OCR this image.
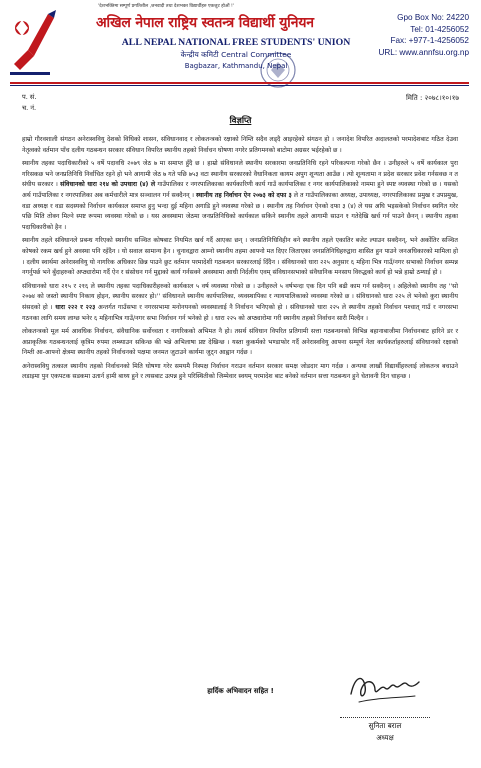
'देशभक्तिमा सम्पूर्ण प्रगतिशील ,जनवादी तथा देशभक्त विद्यार्थीहरु एकजुट होऔं !'
अखिल नेपाल राष्ट्रिय स्वतन्त्र विद्यार्थी युनियन
ALL NEPAL NATIONAL FREE STUDENTS' UNION
केन्द्रीय कमिटी Central Committee
Bagbazar, Kathmandu, Nepal
Gpo Box No: 24220
Tel: 01-4256052
Fax: +977-1-4256052
URL: www.annfsu.org.np
प. सं.
च. नं.
मिति : २०७८।१०।१७
विज्ञप्ति

हाम्रो गौरवशाली संगठन अनेरास्ववियु देशको विधिको शासन, संविधानवाद र लोकतन्त्रको रक्षाको निम्ति सदैव लड्दै आइरहेको संगठन हो । जनादेश विपरित अदालतको परमादेशबाट गठित देउवा नेतृत्वको वर्तमान पाँच दलीय गठबन्धन सरकार संविधान विपरित स्थानीय तहको निर्वाचन घोषणा नगरेर प्रतिगमनको बाटोमा अग्रसर भईरहेको छ ।

स्थानीय तहका पदाधिकारीको ५ वर्षे पदावधि २०७९ जेठ ७ मा समाप्त हुँदै छ । हाम्रो संविधानले स्थानीय सरकारमा जनप्रतिनिधि रहने परिकल्पना गरेको छैन । उनीहरुले ५ वर्षे कार्यकाल पुरा गरिसकछ भने जनप्रतिनिधि निर्वाचित रहने हो भने आगामी जेठ ७ गते पछि ७५३ वटा स्थानीय सरकारको वैधानिकता कायम अपुग शून्यता आउँछ । त्यो शून्यतामा न प्रदेश सरकार प्रवेश गर्नसक्छ न त संघीय सरकार । संविधानको धारा २१४ को उपधारा (४) ले गाउँपालिका र नगरपालिकाका कार्यकारिणी कार्य गाउँ कार्यपालिका र नगर कार्यपालिकाको नाममा हुने स्पष्ट व्यवस्था गरेको छ । यसको अर्थ गाउँपालिका र नगरपालिका अब कर्मचारीले मात्र सञ्चालन गर्न सक्दैनन् । स्थानीय तह निर्वाचन ऐन २०७३ को दफा ३ ले त गाउँपालिकाका अध्यक्ष, उपाध्यक्ष, नगरपालिकाका प्रमुख र उपप्रमुख, वडा अध्यक्ष र वडा सदस्यको निर्वाचन कार्यकाल समाप्त हुनु भन्दा दुई महिना अगाडि हुने व्यवस्था गरेको छ । स्थानीय तह निर्वाचन ऐनको दफा ३ (४) ले यस अघि भइसकेको निर्वाचन स्थगित गरेर पछि मिति तोक्न मिल्ने स्पष्ट रूपमा व्यवस्था गरेको छ । यस अवस्थामा जेठमा जनप्रतिनिधिको कार्यकाल सकिने स्थानीय तहले आगामी साउन १ गतेदेखि खर्च गर्न पाउने छैनन् । स्थानीय तहका पदाधिकारीको हैन ।

स्थानीय तहले संविधानले प्रबन्ध गरिएको स्थानीय सञ्चित कोषबाट नियमित खर्च गर्दै आएका छन् । जनप्रतिनिधिविहीन बने स्थानीय तहले एकातिर बजेट ल्याउन सक्दैनन्, भने अर्कोतिर सञ्चित कोषको रकम खर्च हुने अवस्था पनि रहँदैन । यो सवाल सामान्य हैन । चुनावद्वारा आम्नो स्थानीय तहमा आफ्नो मत दिएर जिताएका जनप्रतिनिधिहरुद्वारा शासित हुन पाउने जनअधिकारको मामिला हो । दलीय स्वार्थमा अनेरास्ववियु यो नागरिक अधिकार छिन्न पाउने छुट वर्तमान परमादेशी गठबन्धन सरकारलाई दिँदैन । संविधानको धारा २२५ अनुसार ६ महिना भित्र गाउँ/नगर सभाको निर्वाचन सम्पन्न नगर्नुपर्छ भने बुँदाहरुको अप्ठ्यारोमा गर्दै ऐन र संसोधन गर्न मुद्दाको कार्य गर्नसक्ने अवस्थामा आधी निर्दलीय एवम् संविधानसभाको संवैधानिक मनसाय विरुद्धको कार्य हो भन्ने हाम्रो ठम्याई हो ।

संविधानको धारा २१५ र २१६ ले स्थानीय तहका पदाधिकारीहरुको कार्यकाल ५ वर्ष व्यवस्था गरेको छ । उनीहरुले ५ वर्षभन्दा एक दिन पनि बढी काम गर्न सक्दैनन् । अहिलेको स्थानीय तह ''सो २०७४ को जस्तो स्थानीय निकाय होइन, स्थानीय सरकार हो।'' संविधानले स्थानीय कार्यपालिका, व्यवस्थापिका र न्यायपालिकाको व्यवस्था गरेको छ । संविधानको धारा २२५ ले भनेको कुरा स्थानीय संसदको हो । धारा २२२ र २२३ अन्तर्गत गाउँसभा र नगरसभामा मनोनयनको व्यवस्थालाई नै निर्वाचन भनिएको हो । संविधानको धारा २२५ ले स्थानीय तहको निर्वाचन पश्चात् गाउँ र नगरसभा गठनका लागि समय लाग्छ भनेर ६ महिनाभित्र गाउँ/नगर सभा निर्वाचन गर्न भनेको हो । धारा २२५ को अप्ठ्यारोमा गरी स्थानीय तहको निर्वाचन सारी मिल्दैन ।

लोकतन्त्रको मूल मर्म आवधिक निर्वाचन, संवैधानिक सर्वोच्चता र नागरिकको अभिमत नै हो। तसर्थ संविधान विपरित प्रतिगामी सत्ता गठबन्धनको विभिन्न बहानाबाजीमा निर्वाचनबाट हारिने डर र अप्राकृतिक गठबन्धनलाई कृत्रिम रुपमा लम्ब्याउन सकिन्छ की भन्ने अभिलाषा प्रष्ट देखिन्छ । यस्ता कुकर्मको भण्डाफोर गर्दै अनेरास्ववियु आफ्ना सम्पूर्ण नेता कार्यकर्ताहरुलाई संविधानको रक्षाको निम्ती आ-आफ्नो क्षेत्रमा स्थानीय तहको निर्वाचनको पक्षमा जनमत जुटाउने कार्यमा जुट्न आह्वान गर्दछ ।

अनेरास्ववियु तत्काल स्थानीय तहको निर्वाचनको मिति घोषणा गरेर समयमै निस्पक्ष निर्वाचन गराउन वर्तमान सरकार समक्ष जोडदार माग गर्दछ । अन्यथा लाखौं विद्यार्थीहरुलाई लोकतन्त्र बचाउने लडाइमा पुन एकपटक सडकमा उतार्न हामी बाध्य हुने र त्यसबाट उत्पन्न हुने परिस्थितीको जिम्मेवार स्वयम् परमादेश बाट बनेको वर्तमान सत्ता गठबन्धन हुने चेतावनी दिन चाहन्छ ।

हार्दिक अभिवादन सहित !
सुनिता बराल
अध्यक्ष
